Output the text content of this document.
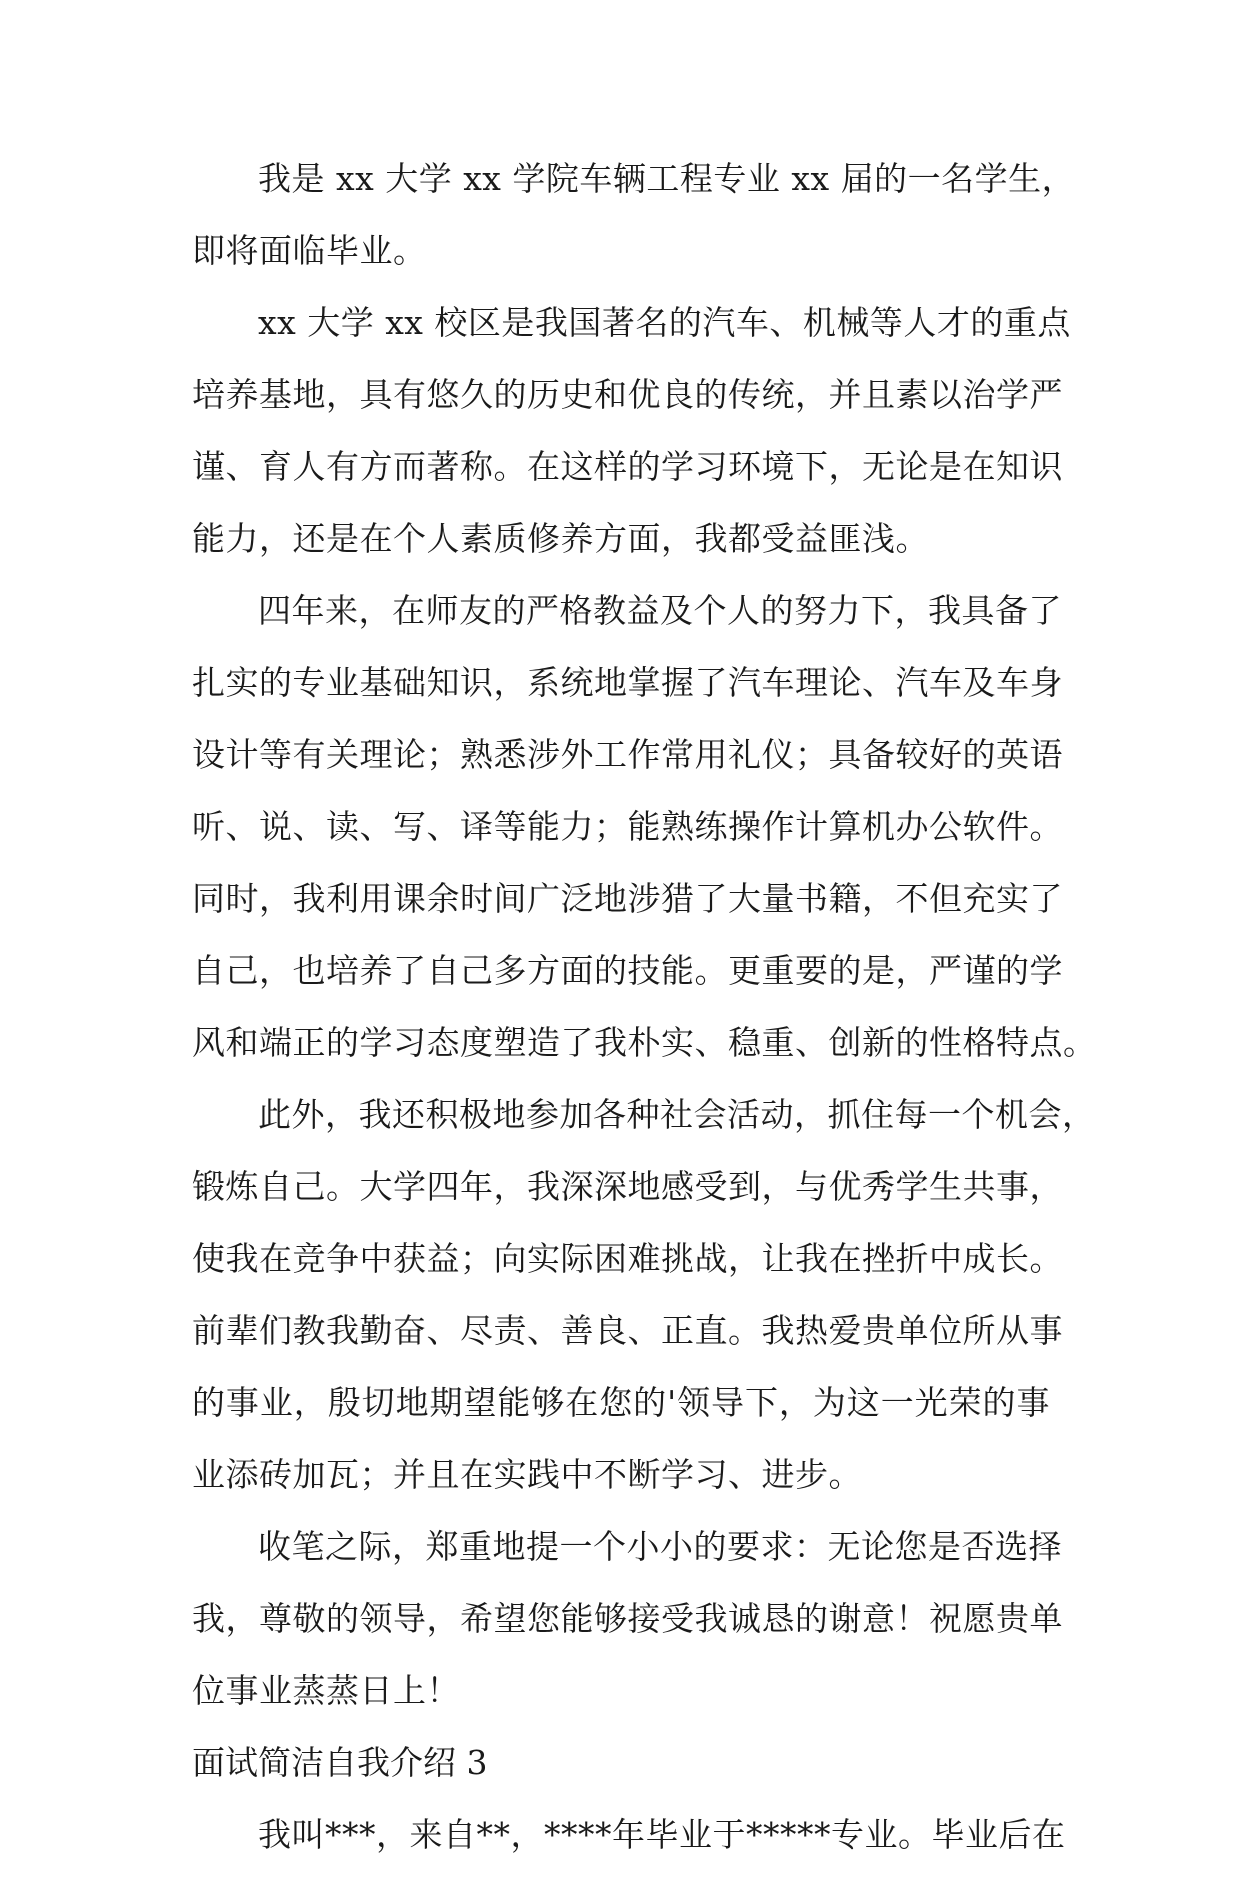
我是 xx 大学 xx 学院车辆工程专业 xx 届的一名学生，
即将面临毕业。
xx 大学 xx 校区是我国著名的汽车、机械等人才的重点
培养基地，具有悠久的历史和优良的传统，并且素以治学严
谨、育人有方而著称。在这样的学习环境下，无论是在知识
能力，还是在个人素质修养方面，我都受益匪浅。
四年来，在师友的严格教益及个人的努力下，我具备了
扎实的专业基础知识，系统地掌握了汽车理论、汽车及车身
设计等有关理论；熟悉涉外工作常用礼仪；具备较好的英语
听、说、读、写、译等能力；能熟练操作计算机办公软件。
同时，我利用课余时间广泛地涉猎了大量书籍，不但充实了
自己，也培养了自己多方面的技能。更重要的是，严谨的学
风和端正的学习态度塑造了我朴实、稳重、创新的性格特点。
此外，我还积极地参加各种社会活动，抓住每一个机会，
锻炼自己。大学四年，我深深地感受到，与优秀学生共事，
使我在竞争中获益；向实际困难挑战，让我在挫折中成长。
前辈们教我勤奋、尽责、善良、正直。我热爱贵单位所从事
的事业，殷切地期望能够在您的'领导下，为这一光荣的事
业添砖加瓦；并且在实践中不断学习、进步。
收笔之际，郑重地提一个小小的要求：无论您是否选择
我，尊敬的领导，希望您能够接受我诚恳的谢意！祝愿贵单
位事业蒸蒸日上！
面试简洁自我介绍 3
我叫***，来自**，****年毕业于*****专业。毕业后在
